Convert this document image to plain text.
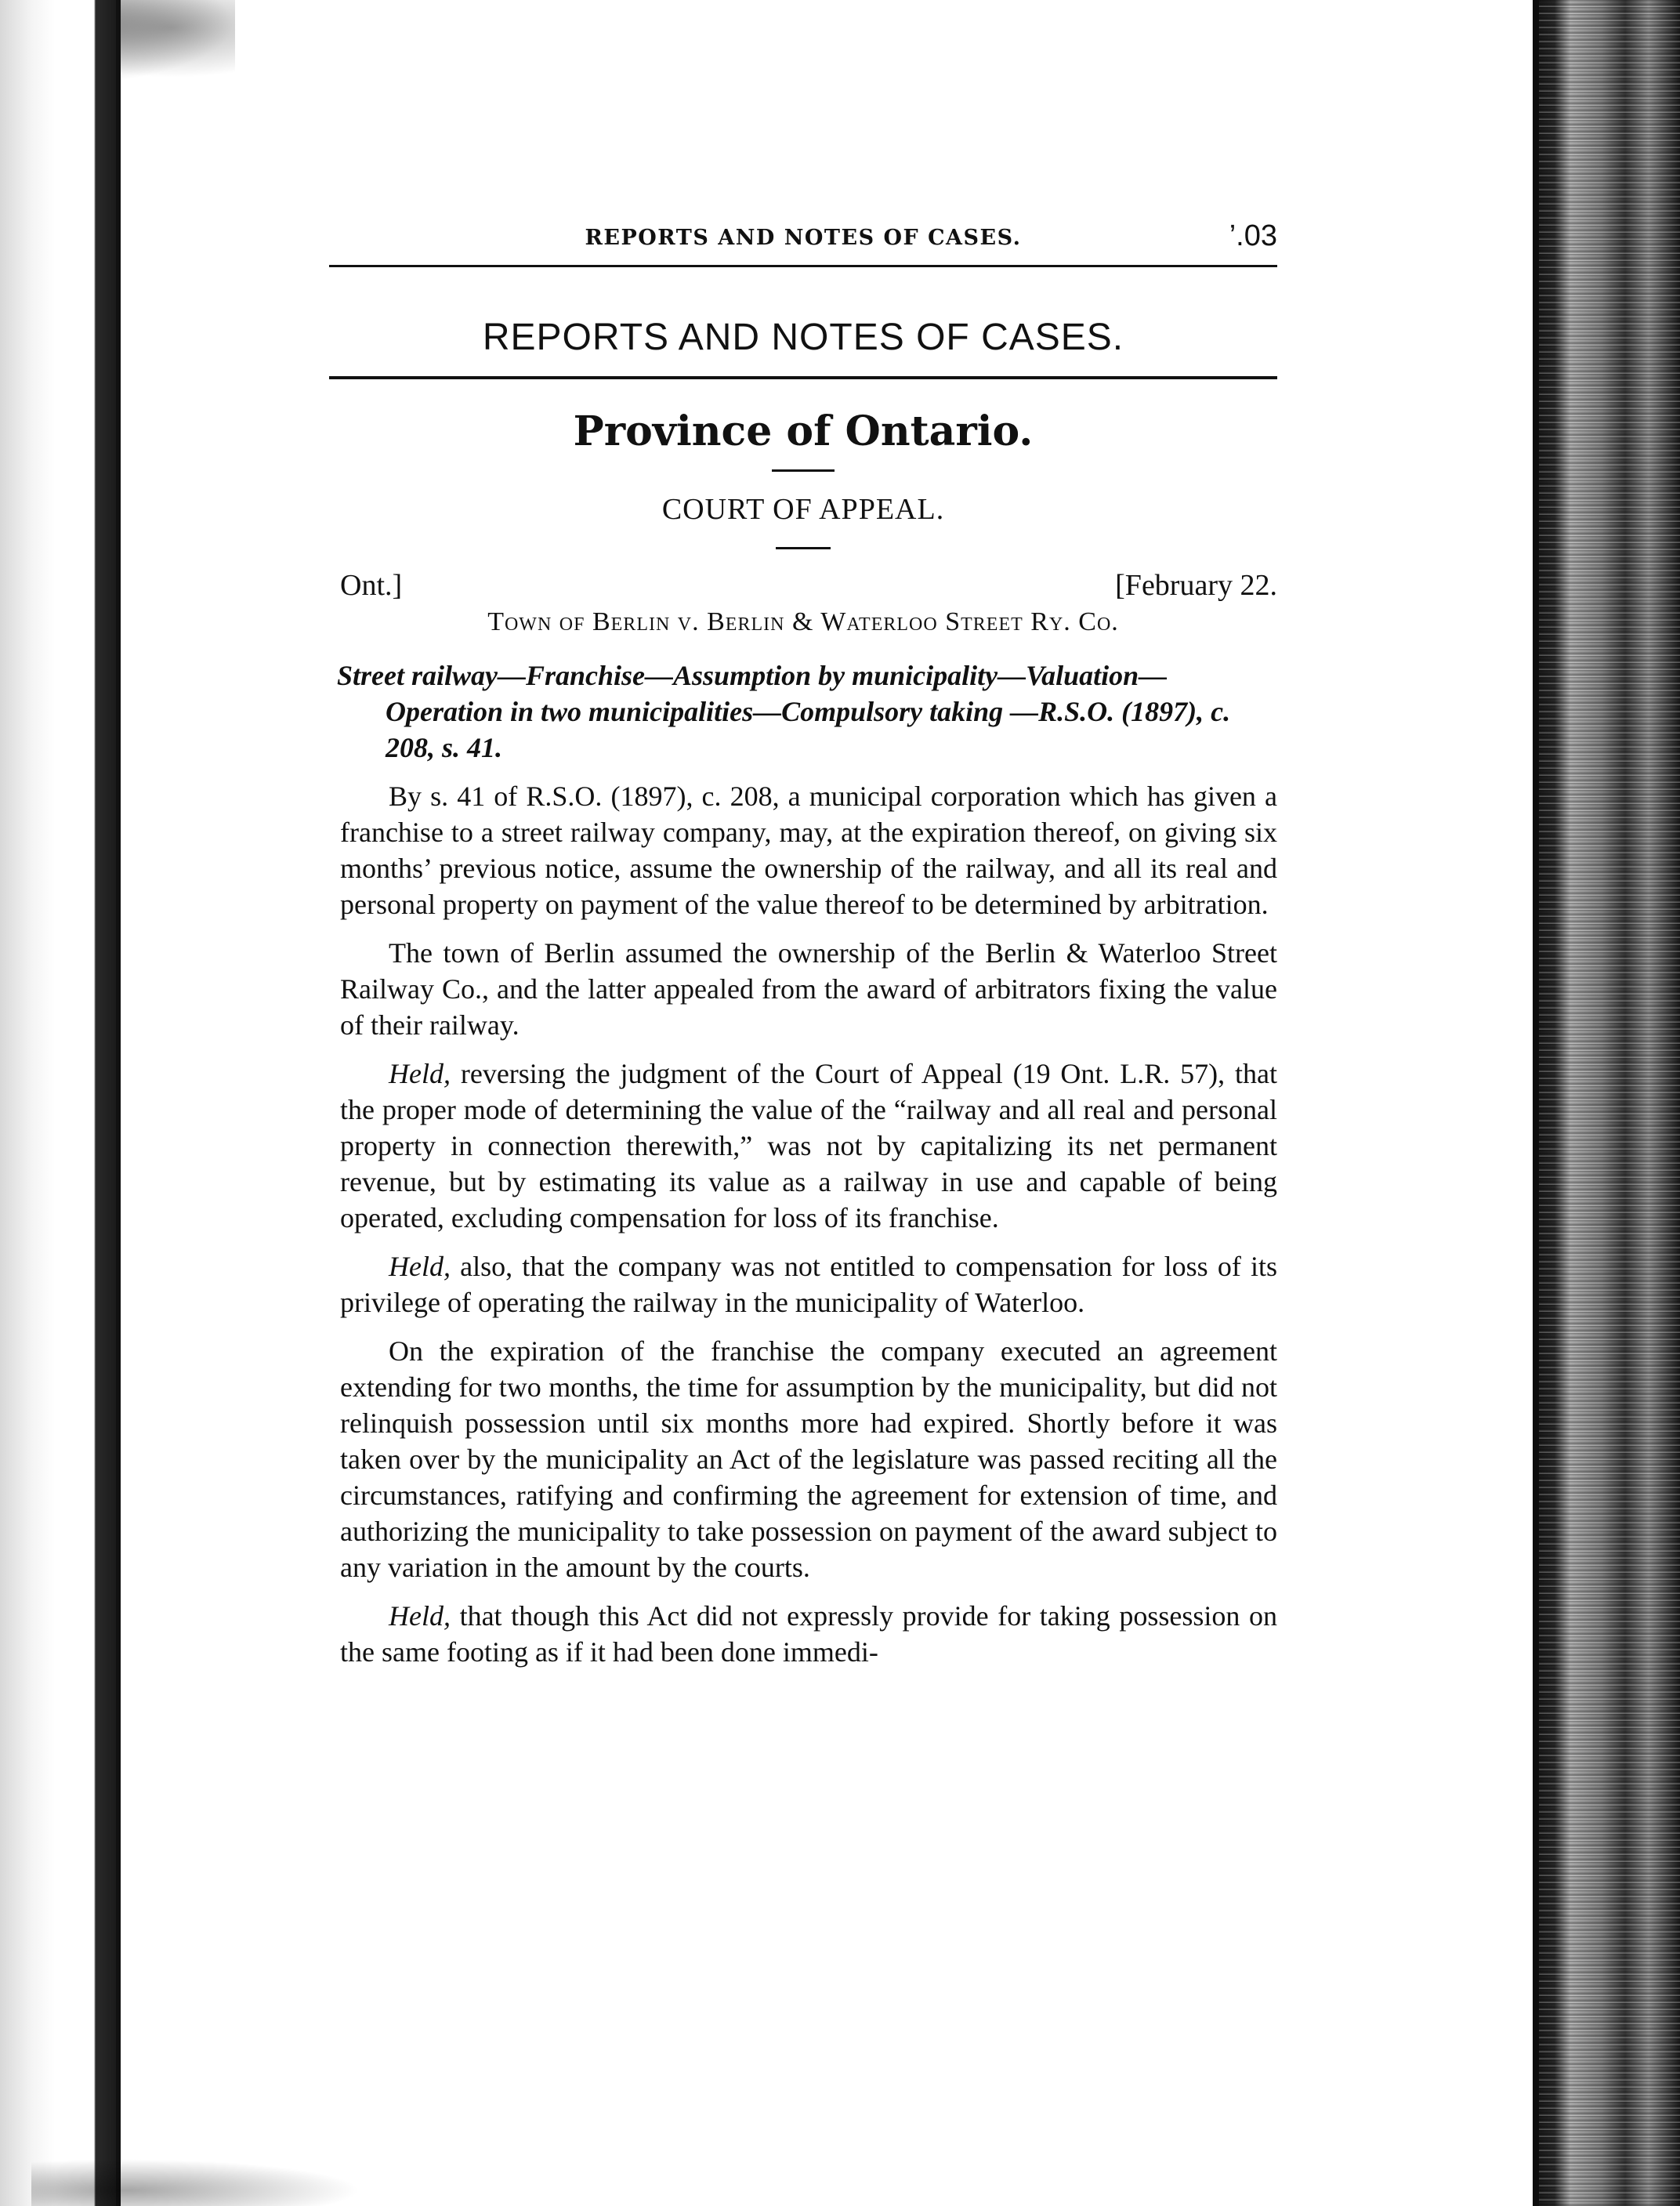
REPORTS AND NOTES OF CASES.	’.03
REPORTS AND NOTES OF CASES.
Province of Ontario.
COURT OF APPEAL.
Ont.]	[February 22.
Town of Berlin v. Berlin & Waterloo Street Ry. Co.
Street railway—Franchise—Assumption by municipality—Valuation—Operation in two municipalities—Compulsory taking —R.S.O. (1897), c. 208, s. 41.

By s. 41 of R.S.O. (1897), c. 208, a municipal corporation which has given a franchise to a street railway company, may, at the expiration thereof, on giving six months’ previous notice, assume the ownership of the railway, and all its real and personal property on payment of the value thereof to be determined by arbitration.

The town of Berlin assumed the ownership of the Berlin & Waterloo Street Railway Co., and the latter appealed from the award of arbitrators fixing the value of their railway.

Held, reversing the judgment of the Court of Appeal (19 Ont. L.R. 57), that the proper mode of determining the value of the “railway and all real and personal property in connection therewith,” was not by capitalizing its net permanent revenue, but by estimating its value as a railway in use and capable of being operated, excluding compensation for loss of its franchise.

Held, also, that the company was not entitled to compensation for loss of its privilege of operating the railway in the municipality of Waterloo.

On the expiration of the franchise the company executed an agreement extending for two months, the time for assumption by the municipality, but did not relinquish possession until six months more had expired. Shortly before it was taken over by the municipality an Act of the legislature was passed reciting all the circumstances, ratifying and confirming the agreement for extension of time, and authorizing the municipality to take possession on payment of the award subject to any variation in the amount by the courts.

Held, that though this Act did not expressly provide for taking possession on the same footing as if it had been done immedi-
